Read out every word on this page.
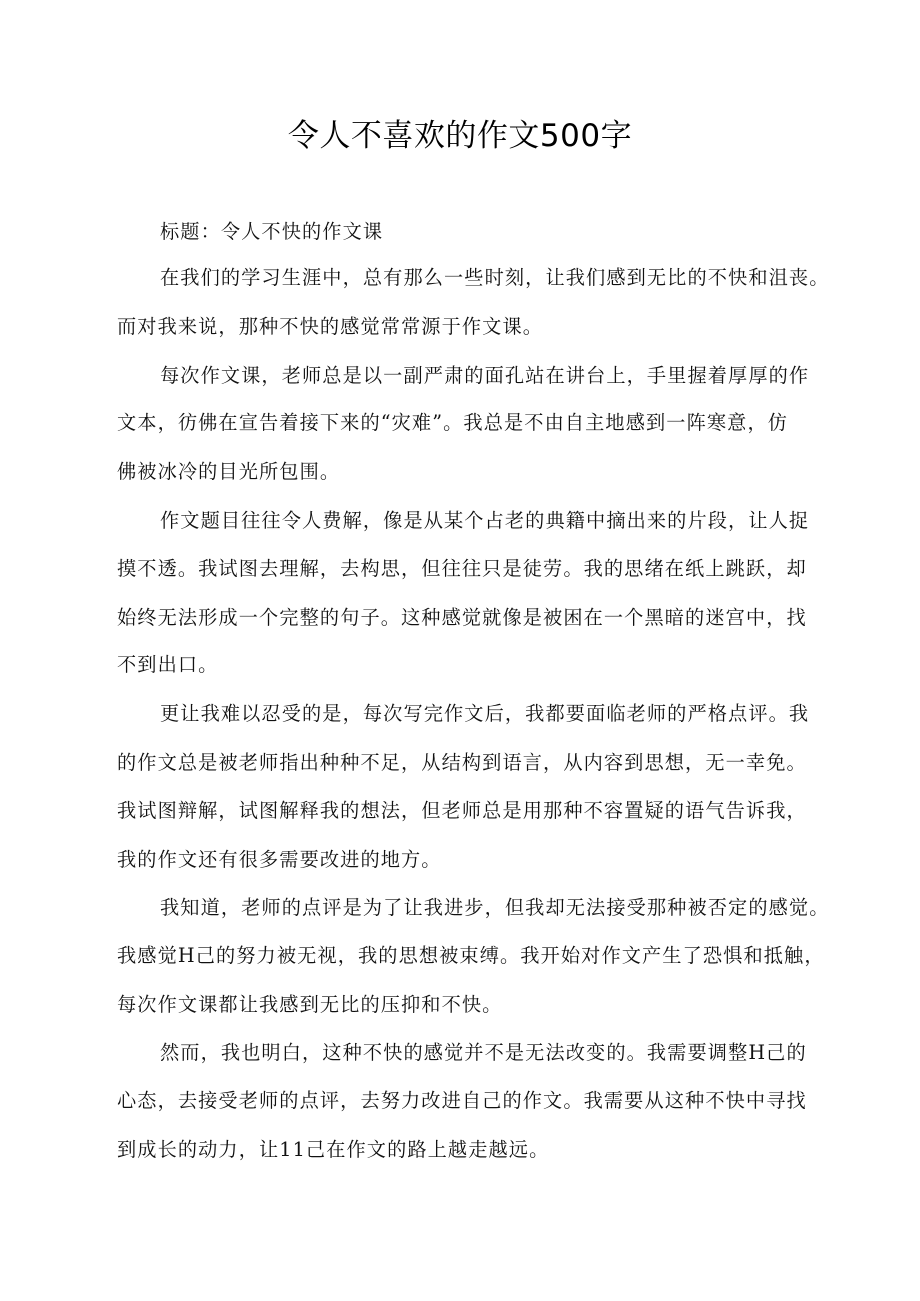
令人不喜欢的作文500字
标题：令人不快的作文课
在我们的学习生涯中，总有那么一些时刻，让我们感到无比的不快和沮丧。
而对我来说，那种不快的感觉常常源于作文课。
每次作文课，老师总是以一副严肃的面孔站在讲台上，手里握着厚厚的作
文本，彷佛在宣告着接下来的“灾难”。我总是不由自主地感到一阵寒意，仿
佛被冰冷的目光所包围。
作文题目往往令人费解，像是从某个占老的典籍中摘出来的片段，让人捉
摸不透。我试图去理解，去构思，但往往只是徒劳。我的思绪在纸上跳跃，却
始终无法形成一个完整的句子。这种感觉就像是被困在一个黑暗的迷宫中，找
不到出口。
更让我难以忍受的是，每次写完作文后，我都要面临老师的严格点评。我
的作文总是被老师指出种种不足，从结构到语言，从内容到思想，无一幸免。
我试图辩解，试图解释我的想法，但老师总是用那种不容置疑的语气告诉我，
我的作文还有很多需要改进的地方。
我知道，老师的点评是为了让我进步，但我却无法接受那种被否定的感觉。
我感觉H己的努力被无视，我的思想被束缚。我开始对作文产生了恐惧和抵触，
每次作文课都让我感到无比的压抑和不快。
然而，我也明白，这种不快的感觉并不是无法改变的。我需要调整H己的
心态，去接受老师的点评，去努力改进自己的作文。我需要从这种不快中寻找
到成长的动力，让11己在作文的路上越走越远。
